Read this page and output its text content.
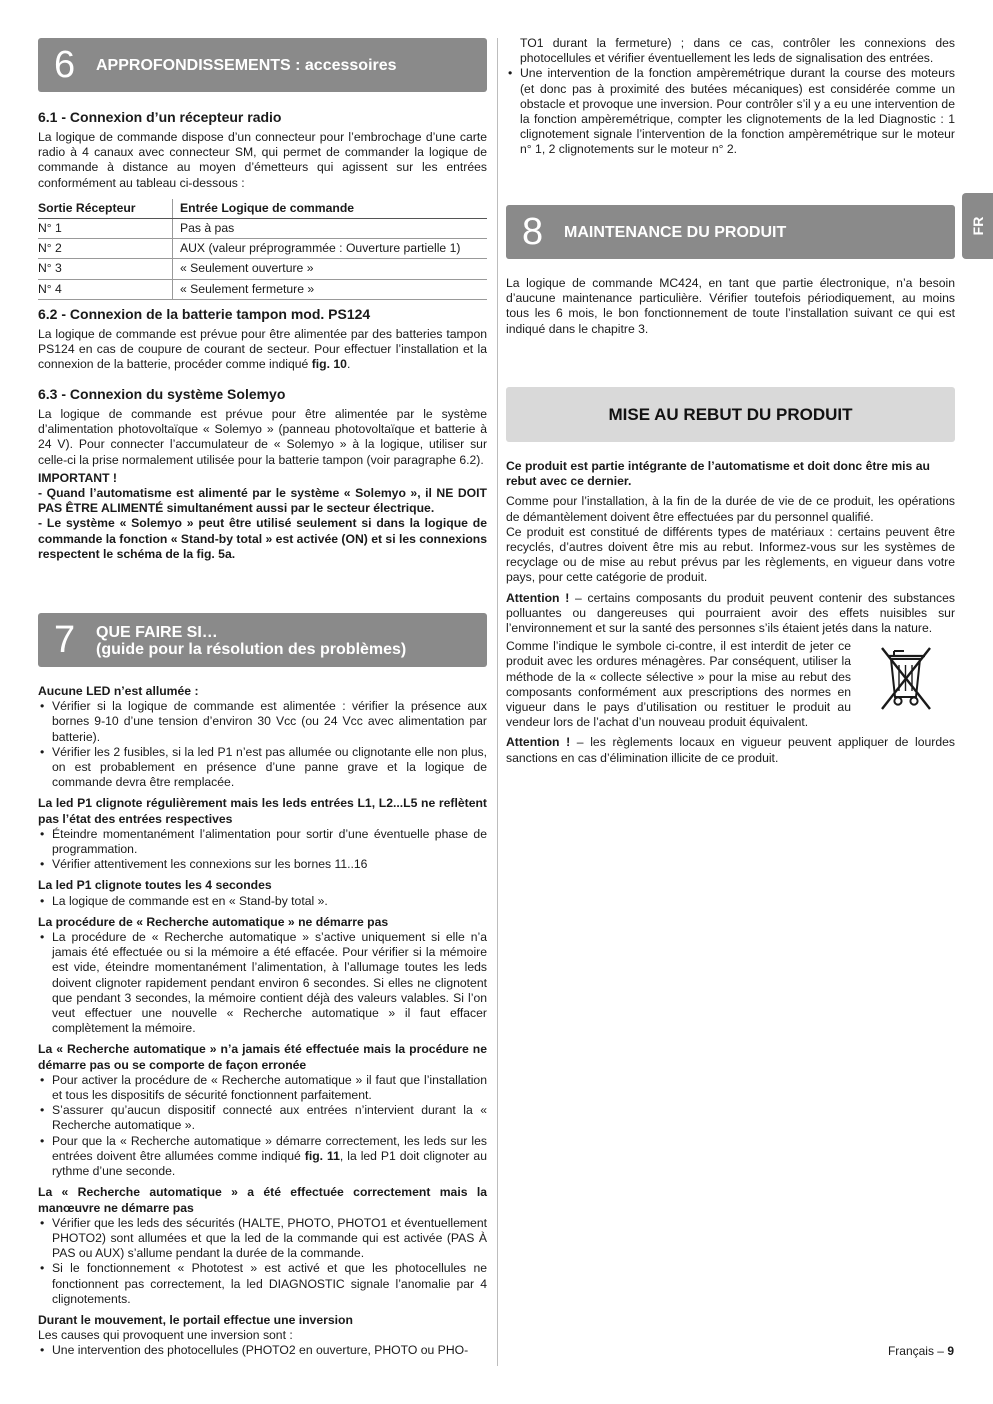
FR
6 APPROFONDISSEMENTS : accessoires
6.1 - Connexion d’un récepteur radio

La logique de commande dispose d’un connecteur pour l’embrochage d’une carte radio à 4 canaux avec connecteur SM, qui permet de commander la logique de commande à distance au moyen d’émetteurs qui agissent sur les entrées conformément au tableau ci-dessous :

Sortie Récepteur	Entrée Logique de commande
N° 1	Pas à pas
N° 2	AUX (valeur préprogrammée : Ouverture partielle 1)
N° 3	« Seulement ouverture »
N° 4	« Seulement fermeture »
6.2 - Connexion de la batterie tampon mod. PS124

La logique de commande est prévue pour être alimentée par des batteries tampon PS124 en cas de coupure de courant de secteur. Pour effectuer l’installation et la connexion de la batterie, procéder comme indiqué fig. 10.

6.3 - Connexion du système Solemyo

La logique de commande est prévue pour être alimentée par le système d’alimentation photovoltaïque « Solemyo » (panneau photovoltaïque et batterie à 24 V). Pour connecter l’accumulateur de « Solemyo » à la logique, utiliser sur celle-ci la prise normalement utilisée pour la batterie tampon (voir paragraphe 6.2).

IMPORTANT !

- Quand l’automatisme est alimenté par le système « Solemyo », il NE DOIT PAS ÊTRE ALIMENTÉ simultanément aussi par le secteur électrique.

- Le système « Solemyo » peut être utilisé seulement si dans la logique de commande la fonction « Stand-by total » est activée (ON) et si les connexions respectent le schéma de la fig. 5a.

7 QUE FAIRE SI…
(guide pour la résolution des problèmes)

Aucune LED n’est allumée :

• Vérifier si la logique de commande est alimentée : vérifier la présence aux bornes 9-10 d’une tension d’environ 30 Vcc (ou 24 Vcc avec alimentation par batterie).
• Vérifier les 2 fusibles, si la led P1 n’est pas allumée ou clignotante elle non plus, on est probablement en présence d’une panne grave et la logique de commande devra être remplacée.

La led P1 clignote régulièrement mais les leds entrées L1, L2...L5 ne reflètent pas l’état des entrées respectives

• Éteindre momentanément l’alimentation pour sortir d’une éventuelle phase de programmation.
• Vérifier attentivement les connexions sur les bornes 11..16

La led P1 clignote toutes les 4 secondes

• La logique de commande est en « Stand-by total ».

La procédure de « Recherche automatique » ne démarre pas

• La procédure de « Recherche automatique » s’active uniquement si elle n’a jamais été effectuée ou si la mémoire a été effacée. Pour vérifier si la mémoire est vide, éteindre momentanément l’alimentation, à l’allumage toutes les leds doivent clignoter rapidement pendant environ 6 secondes. Si elles ne clignotent que pendant 3 secondes, la mémoire contient déjà des valeurs valables. Si l’on veut effectuer une nouvelle « Recherche automatique » il faut effacer complètement la mémoire.

La « Recherche automatique » n’a jamais été effectuée mais la procédure ne démarre pas ou se comporte de façon erronée

• Pour activer la procédure de « Recherche automatique » il faut que l’installation et tous les dispositifs de sécurité fonctionnent parfaitement.
• S’assurer qu’aucun dispositif connecté aux entrées n’intervient durant la « Recherche automatique ».
• Pour que la « Recherche automatique » démarre correctement, les leds sur les entrées doivent être allumées comme indiqué fig. 11, la led P1 doit clignoter au rythme d’une seconde.

La « Recherche automatique » a été effectuée correctement mais la manœuvre ne démarre pas

• Vérifier que les leds des sécurités (HALTE, PHOTO, PHOTO1 et éventuellement PHOTO2) sont allumées et que la led de la commande qui est activée (PAS À PAS ou AUX) s’allume pendant la durée de la commande.
• Si le fonctionnement « Phototest » est activé et que les photocellules ne fonctionnent pas correctement, la led DIAGNOSTIC signale l’anomalie par 4 clignotements.

Durant le mouvement, le portail effectue une inversion

Les causes qui provoquent une inversion sont :

• Une intervention des photocellules (PHOTO2 en ouverture, PHOTO ou PHO-

TO1 durant la fermeture) ; dans ce cas, contrôler les connexions des photocellules et vérifier éventuellement les leds de signalisation des entrées.

• Une intervention de la fonction ampèremétrique durant la course des moteurs (et donc pas à proximité des butées mécaniques) est considérée comme un obstacle et provoque une inversion. Pour contrôler s’il y a eu une intervention de la fonction ampèremétrique, compter les clignotements de la led Diagnostic : 1 clignotement signale l’intervention de la fonction ampèremétrique sur le moteur n° 1, 2 clignotements sur le moteur n° 2.
8 MAINTENANCE DU PRODUIT

La logique de commande MC424, en tant que partie électronique, n’a besoin d’aucune maintenance particulière. Vérifier toutefois périodiquement, au moins tous les 6 mois, le bon fonctionnement de toute l’installation suivant ce qui est indiqué dans le chapitre 3.

MISE AU REBUT DU PRODUIT

Ce produit est partie intégrante de l’automatisme et doit donc être mis au rebut avec ce dernier.

Comme pour l’installation, à la fin de la durée de vie de ce produit, les opérations de démantèlement doivent être effectuées par du personnel qualifié.

Ce produit est constitué de différents types de matériaux : certains peuvent être recyclés, d’autres doivent être mis au rebut. Informez-vous sur les systèmes de recyclage ou de mise au rebut prévus par les règlements, en vigueur dans votre pays, pour cette catégorie de produit.

Attention ! – certains composants du produit peuvent contenir des substances polluantes ou dangereuses qui pourraient avoir des effets nuisibles sur l’environnement et sur la santé des personnes s’ils étaient jetés dans la nature.

Comme l’indique le symbole ci-contre, il est interdit de jeter ce produit avec les ordures ménagères. Par conséquent, utiliser la méthode de la « collecte sélective » pour la mise au rebut des composants conformément aux prescriptions des normes en vigueur dans le pays d’utilisation ou restituer le produit au vendeur lors de l’achat d’un nouveau produit équivalent.

Attention ! – les règlements locaux en vigueur peuvent appliquer de lourdes sanctions en cas d’élimination illicite de ce produit.

Français – 9
